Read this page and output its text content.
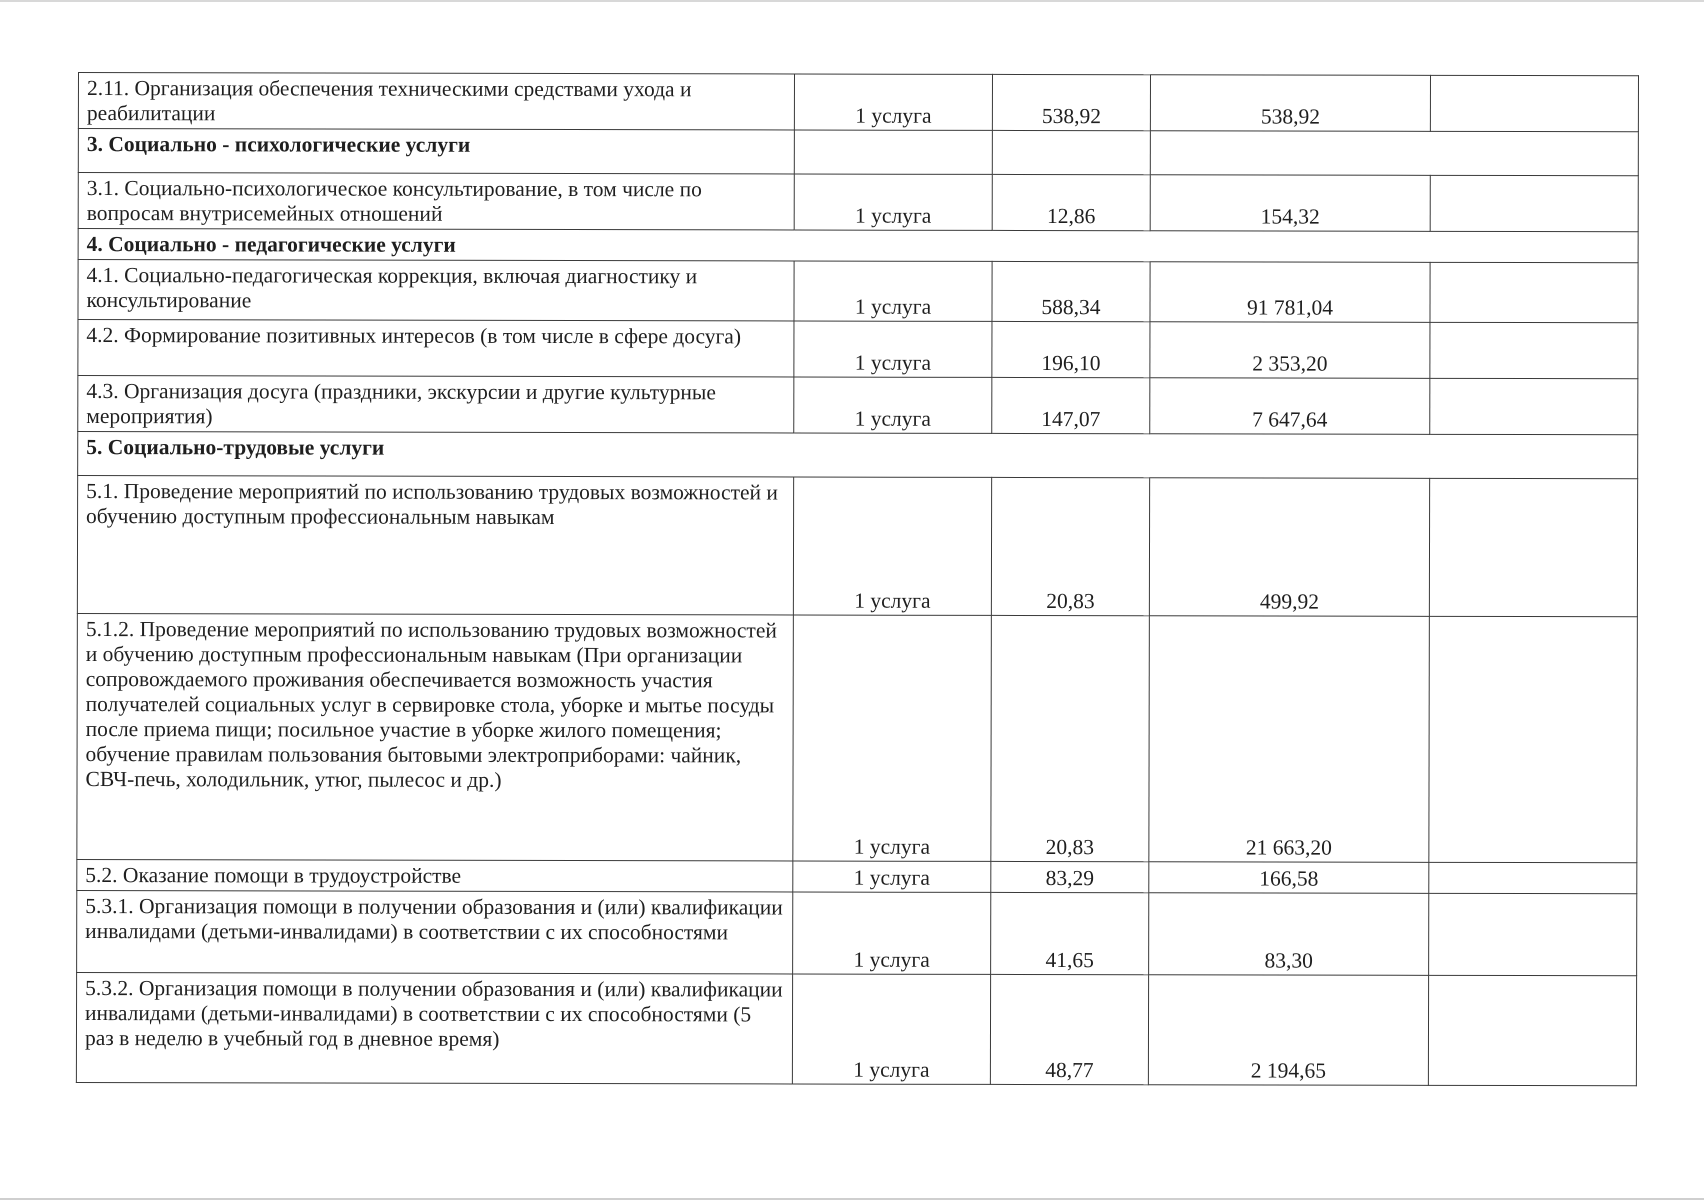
2.11. Организация обеспечения техническими средствами ухода и реабилитации	1 услуга	538,92	538,92	
3. Социально - психологические услуги				
3.1. Социально-психологическое консультирование, в том числе по вопросам внутрисемейных отношений	1 услуга	12,86	154,32	
4. Социально - педагогические услуги				
4.1. Социально-педагогическая коррекция, включая диагностику и консультирование	1 услуга	588,34	91 781,04	
4.2. Формирование позитивных интересов (в том числе в сфере досуга)	1 услуга	196,10	2 353,20	
4.3. Организация досуга (праздники, экскурсии и другие культурные мероприятия)	1 услуга	147,07	7 647,64	
5. Социально-трудовые услуги				
5.1. Проведение мероприятий по использованию трудовых возможностей и обучению доступным профессиональным навыкам	1 услуга	20,83	499,92	
5.1.2. Проведение мероприятий по использованию трудовых возможностей и обучению доступным профессиональным навыкам (При организации сопровождаемого проживания обеспечивается возможность участия получателей социальных услуг в сервировке стола, уборке и мытье посуды после приема пищи; посильное участие в уборке жилого помещения; обучение правилам пользования бытовыми электроприборами: чайник, СВЧ-печь, холодильник, утюг, пылесос и др.)	1 услуга	20,83	21 663,20	
5.2. Оказание помощи в трудоустройстве	1 услуга	83,29	166,58	
5.3.1. Организация помощи в получении образования и (или) квалификации инвалидами (детьми-инвалидами) в соответствии с их способностями	1 услуга	41,65	83,30	
5.3.2. Организация помощи в получении образования и (или) квалификации инвалидами (детьми-инвалидами) в соответствии с их способностями (5 раз в неделю в учебный год в дневное время)	1 услуга	48,77	2 194,65	
